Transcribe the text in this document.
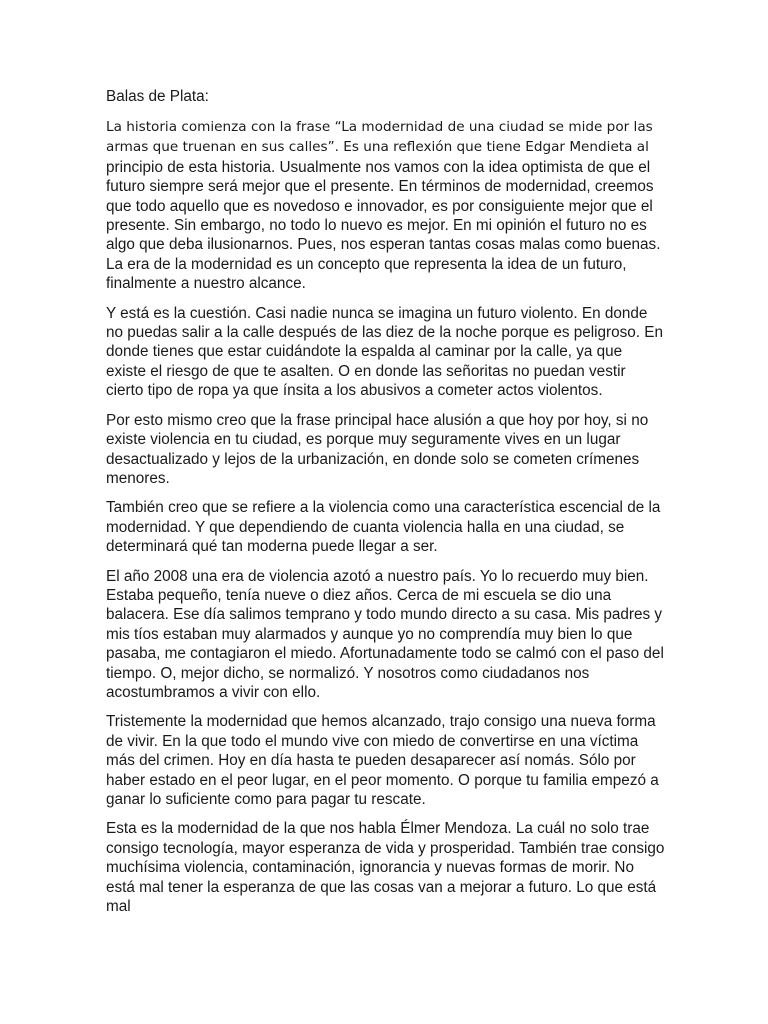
Balas de Plata:

La historia comienza con la frase “La modernidad de una ciudad se mide por las armas que truenan en sus calles”. Es una reflexión que tiene Edgar Mendieta al principio de esta historia. Usualmente nos vamos con la idea optimista de que el futuro siempre será mejor que el presente. En términos de modernidad, creemos que todo aquello que es novedoso e innovador, es por consiguiente mejor que el presente. Sin embargo, no todo lo nuevo es mejor. En mi opinión el futuro no es algo que deba ilusionarnos. Pues, nos esperan tantas cosas malas como buenas. La era de la modernidad es un concepto que representa la idea de un futuro, finalmente a nuestro alcance.

Y está es la cuestión. Casi nadie nunca se imagina un futuro violento. En donde no puedas salir a la calle después de las diez de la noche porque es peligroso. En donde tienes que estar cuidándote la espalda al caminar por la calle, ya que existe el riesgo de que te asalten. O en donde las señoritas no puedan vestir cierto tipo de ropa ya que ínsita a los abusivos a cometer actos violentos.

Por esto mismo creo que la frase principal hace alusión a que hoy por hoy, si no existe violencia en tu ciudad, es porque muy seguramente vives en un lugar desactualizado y lejos de la urbanización, en donde solo se cometen crímenes menores.

También creo que se refiere a la violencia como una característica escencial de la modernidad. Y que dependiendo de cuanta violencia halla en una ciudad, se determinará qué tan moderna puede llegar a ser.

El año 2008 una era de violencia azotó a nuestro país. Yo lo recuerdo muy bien. Estaba pequeño, tenía nueve o diez años. Cerca de mi escuela se dio una balacera. Ese día salimos temprano y todo mundo directo a su casa. Mis padres y mis tíos estaban muy alarmados y aunque yo no comprendía muy bien lo que pasaba, me contagiaron el miedo. Afortunadamente todo se calmó con el paso del tiempo. O, mejor dicho, se normalizó. Y nosotros como ciudadanos nos acostumbramos a vivir con ello.

Tristemente la modernidad que hemos alcanzado, trajo consigo una nueva forma de vivir. En la que todo el mundo vive con miedo de convertirse en una víctima más del crimen. Hoy en día hasta te pueden desaparecer así nomás. Sólo por haber estado en el peor lugar, en el peor momento. O porque tu familia empezó a ganar lo suficiente como para pagar tu rescate.

Esta es la modernidad de la que nos habla Élmer Mendoza. La cuál no solo trae consigo tecnología, mayor esperanza de vida y prosperidad. También trae consigo muchísima violencia, contaminación, ignorancia y nuevas formas de morir. No está mal tener la esperanza de que las cosas van a mejorar a futuro. Lo que está mal
